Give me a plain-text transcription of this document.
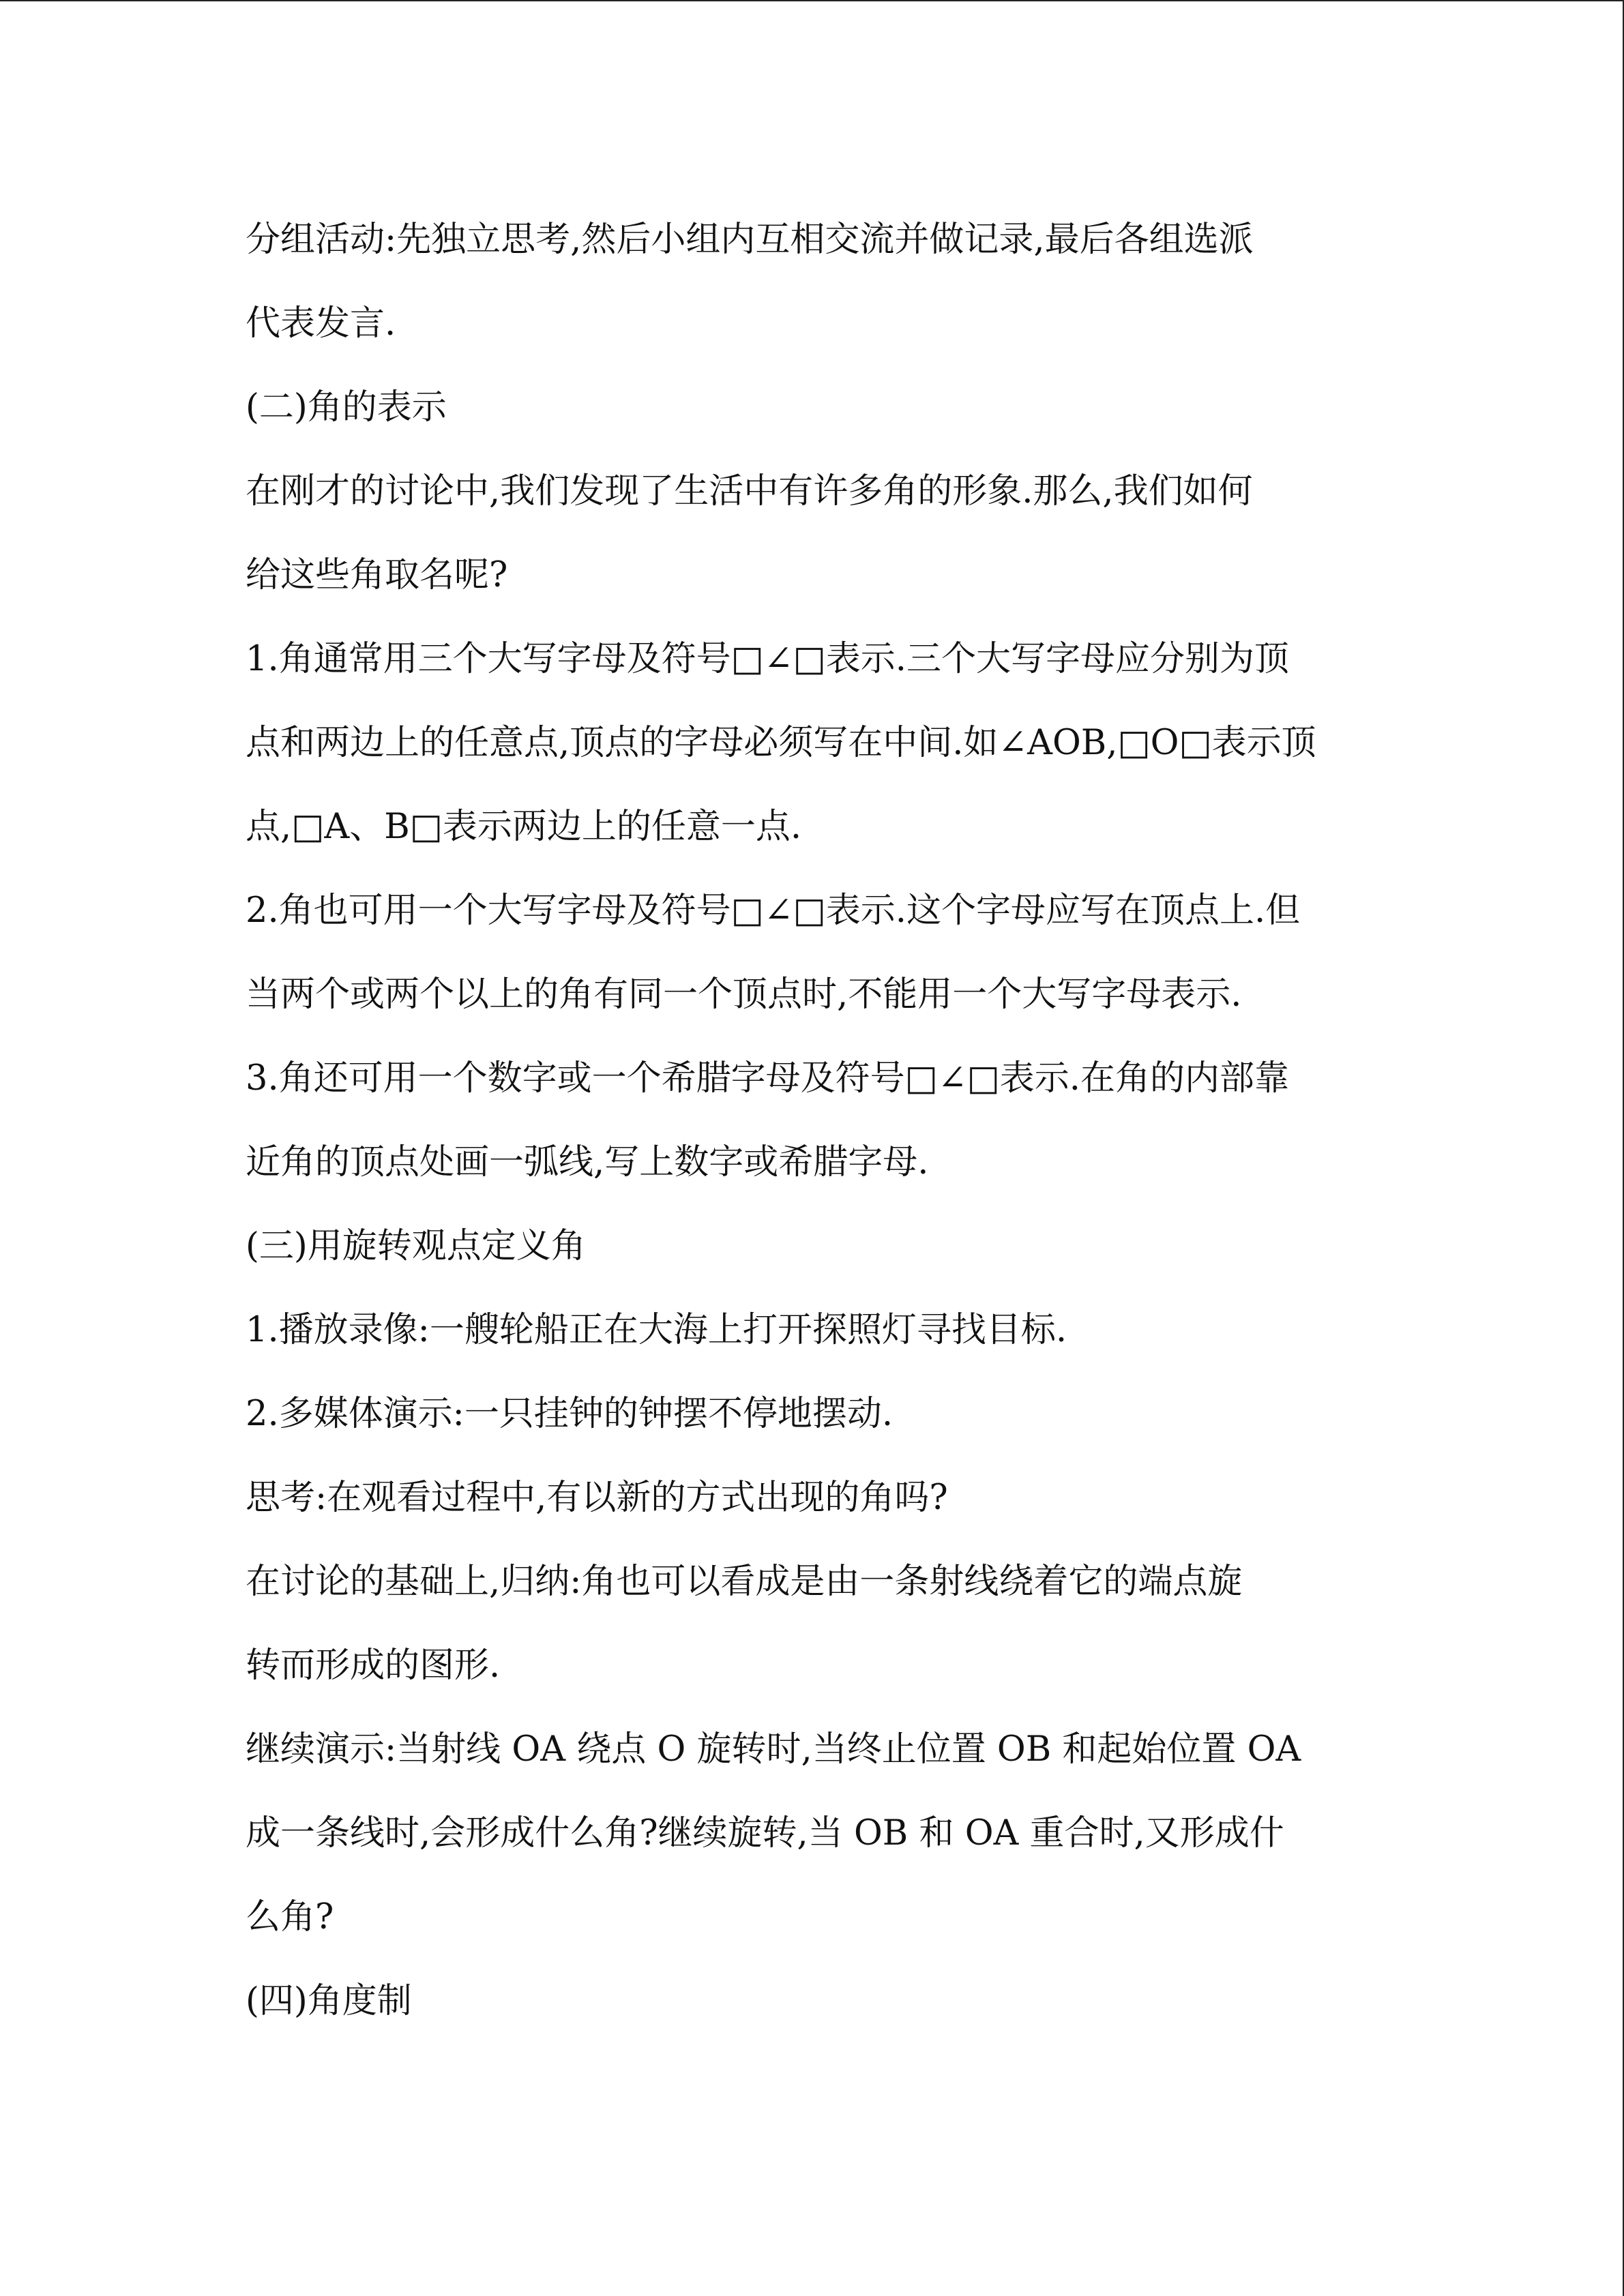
分组活动:先独立思考,然后小组内互相交流并做记录,最后各组选派
代表发言.
(二)角的表示
在刚才的讨论中,我们发现了生活中有许多角的形象.那么,我们如何
给这些角取名呢?
1.角通常用三个大写字母及符号□∠□表示.三个大写字母应分别为顶
点和两边上的任意点,顶点的字母必须写在中间.如∠AOB,□O□表示顶
点,□A、B□表示两边上的任意一点.
2.角也可用一个大写字母及符号□∠□表示.这个字母应写在顶点上.但
当两个或两个以上的角有同一个顶点时,不能用一个大写字母表示.
3.角还可用一个数字或一个希腊字母及符号□∠□表示.在角的内部靠
近角的顶点处画一弧线,写上数字或希腊字母.
(三)用旋转观点定义角
1.播放录像:一艘轮船正在大海上打开探照灯寻找目标.
2.多媒体演示:一只挂钟的钟摆不停地摆动.
思考:在观看过程中,有以新的方式出现的角吗?
在讨论的基础上,归纳:角也可以看成是由一条射线绕着它的端点旋
转而形成的图形.
继续演示:当射线 OA 绕点 O 旋转时,当终止位置 OB 和起始位置 OA
成一条线时,会形成什么角?继续旋转,当 OB 和 OA 重合时,又形成什
么角?
(四)角度制
